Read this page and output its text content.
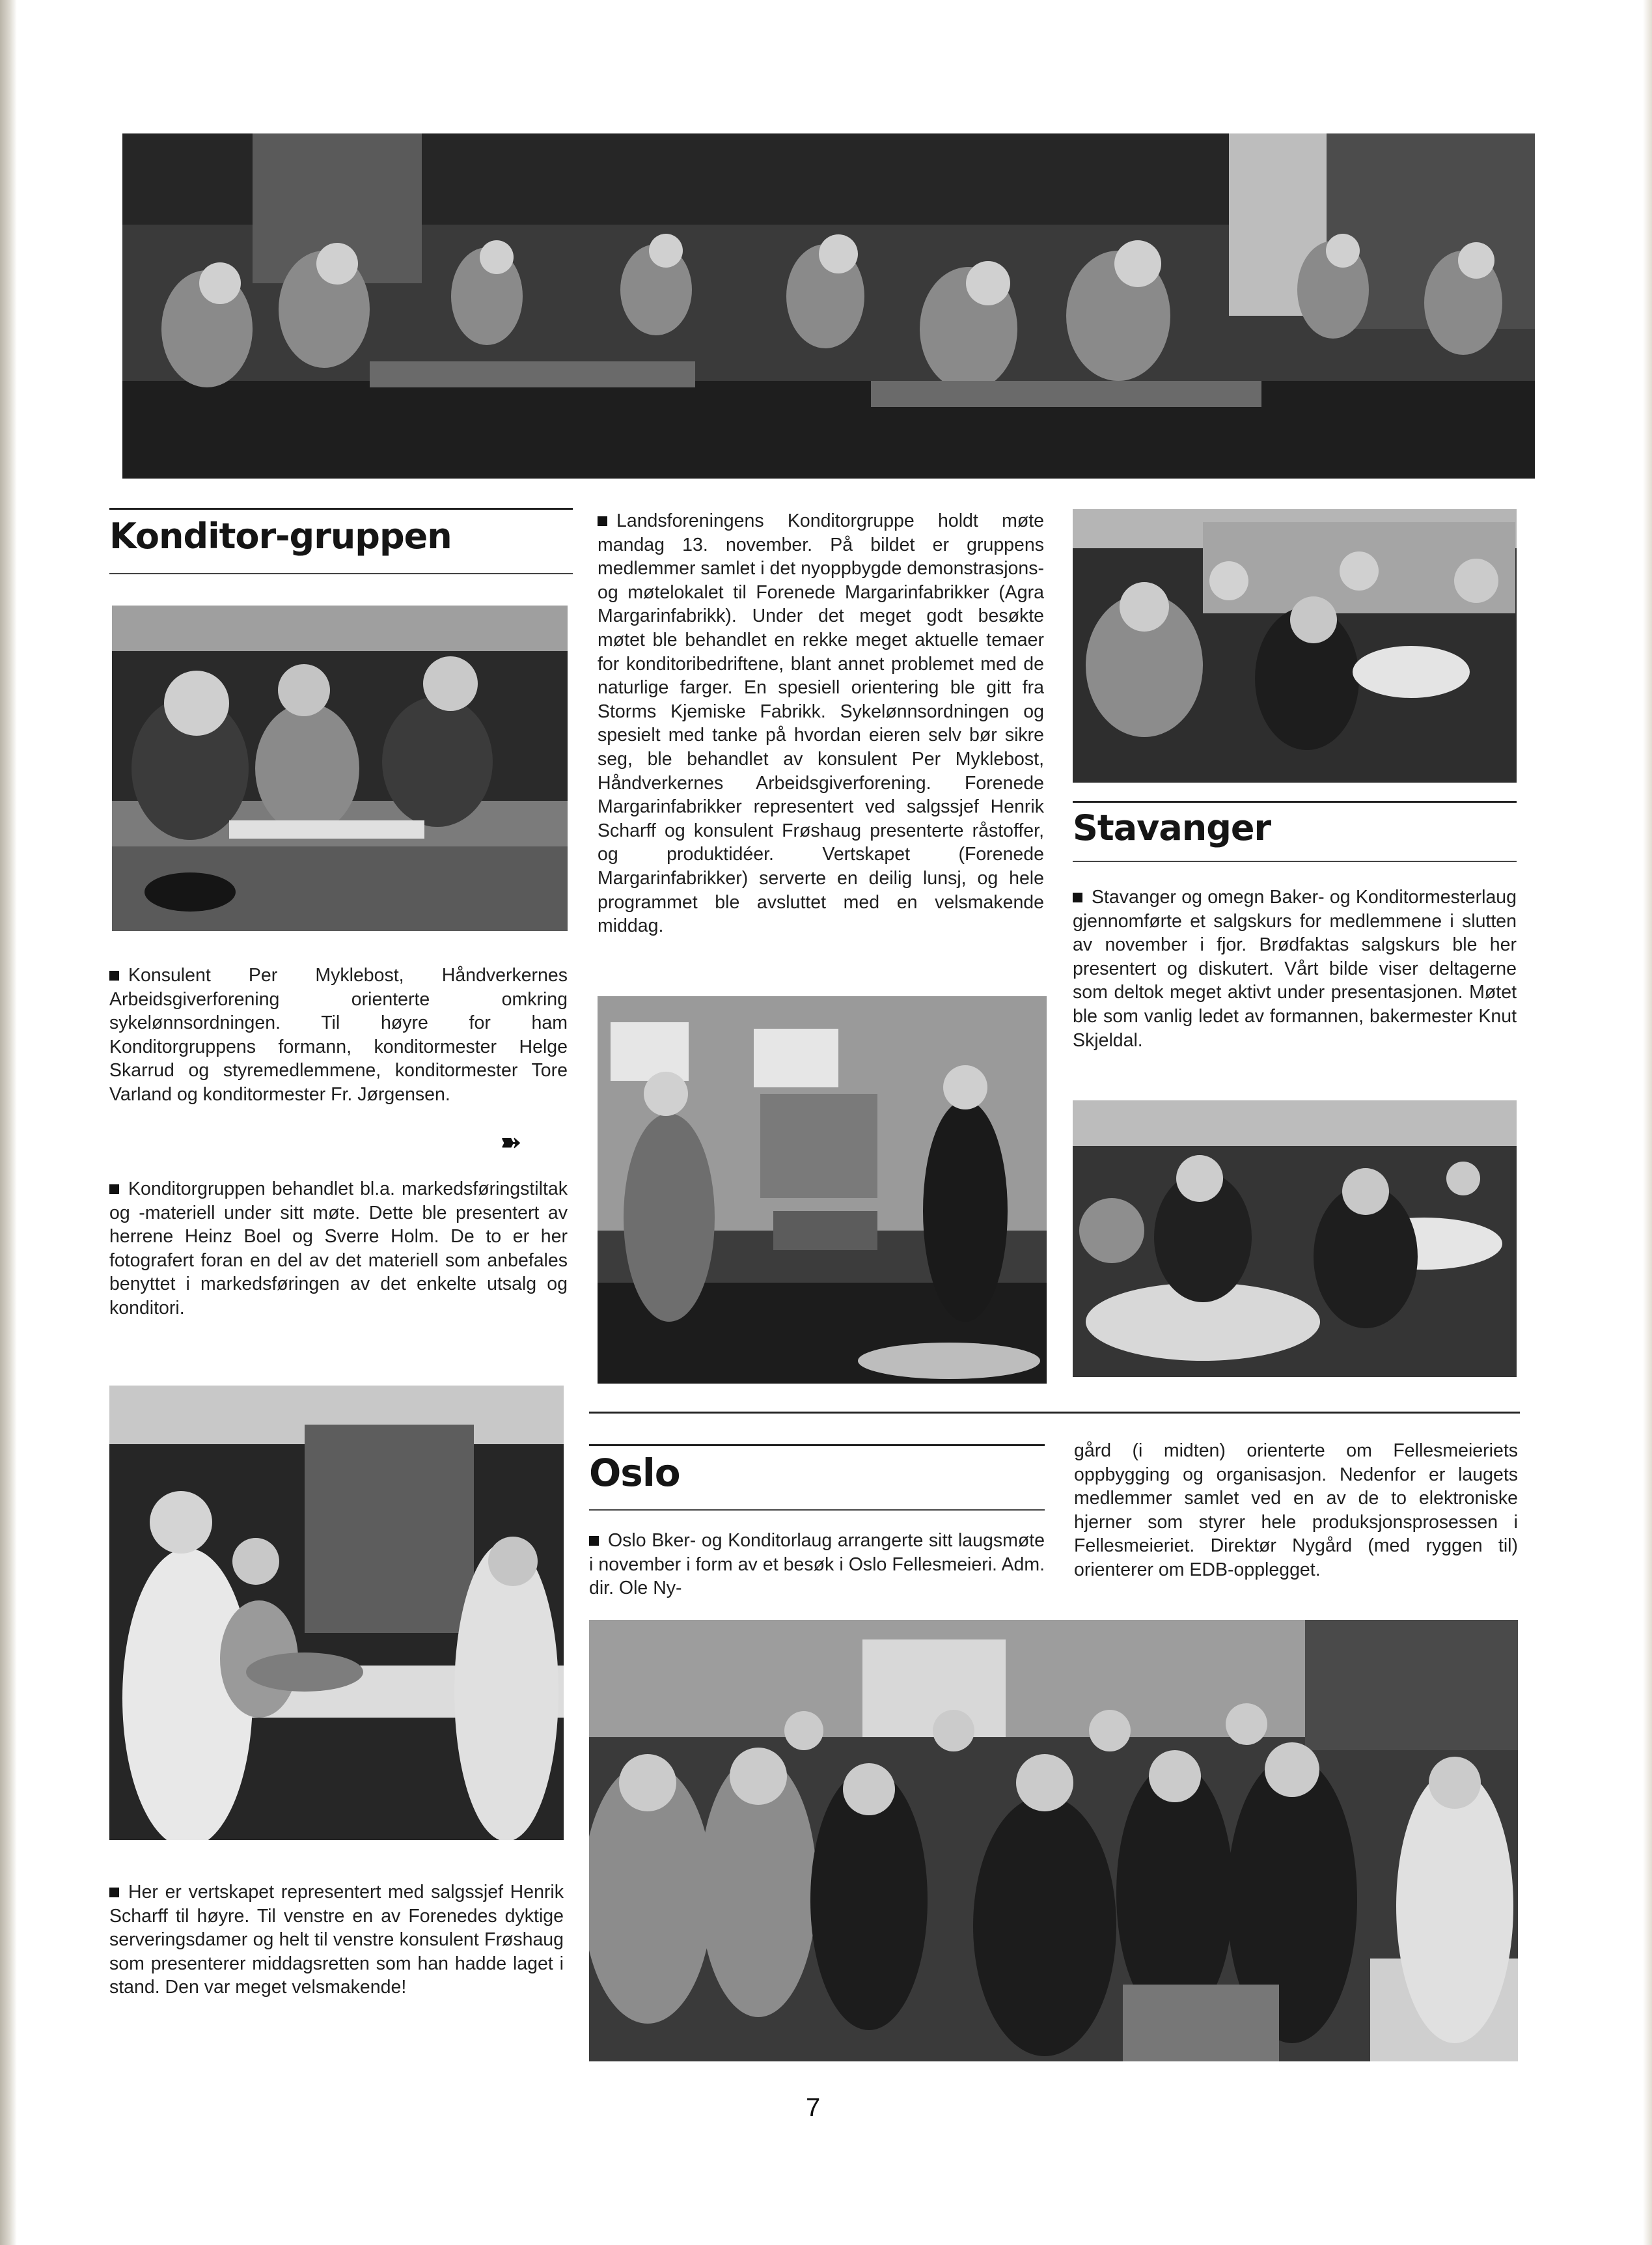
Konditor-gruppen
Konsulent Per Myklebost, Håndverkernes Arbeidsgiverforening orienterte omkring sykelønnsordningen. Til høyre for ham Konditorgruppens formann, konditormester Helge Skarrud og styremedlemmene, konditormester Tore Varland og konditormester Fr. Jørgensen.
➽
Konditorgruppen behandlet bl.a. markedsføringstiltak og -materiell under sitt møte. Dette ble presentert av herrene Heinz Boel og Sverre Holm. De to er her fotografert foran en del av det materiell som anbefales benyttet i markedsføringen av det enkelte utsalg og konditori.
Landsforeningens Konditorgruppe holdt møte mandag 13. november. På bildet er gruppens medlemmer samlet i det nyoppbygde demonstrasjons- og møtelokalet til Forenede Margarinfabrikker (Agra Margarinfabrikk). Under det meget godt besøkte møtet ble behandlet en rekke meget aktuelle temaer for konditoribedriftene, blant annet problemet med de naturlige farger. En spesiell orientering ble gitt fra Storms Kjemiske Fabrikk. Sykelønnsordningen og spesielt med tanke på hvordan eieren selv bør sikre seg, ble behandlet av konsulent Per Myklebost, Håndverkernes Arbeidsgiverforening. Forenede Margarinfabrikker representert ved salgssjef Henrik Scharff og konsulent Frøshaug presenterte råstoffer, og produktidéer. Vertskapet (Forenede Margarinfabrikker) serverte en deilig lunsj, og hele programmet ble avsluttet med en velsmakende middag.
Stavanger
Stavanger og omegn Baker- og Konditormesterlaug gjennomførte et salgskurs for medlemmene i slutten av november i fjor. Brødfaktas salgskurs ble her presentert og diskutert. Vårt bilde viser deltagerne som deltok meget aktivt under presentasjonen. Møtet ble som vanlig ledet av formannen, bakermester Knut Skjeldal.
Her er vertskapet representert med salgssjef Henrik Scharff til høyre. Til venstre en av Forenedes dyktige serveringsdamer og helt til venstre konsulent Frøshaug som presenterer middagsretten som han hadde laget i stand. Den var meget velsmakende!
Oslo
Oslo Bker- og Konditorlaug arrangerte sitt laugsmøte i november i form av et besøk i Oslo Fellesmeieri. Adm. dir. Ole Ny-
gård (i midten) orienterte om Fellesmeieriets oppbygging og organisasjon. Nedenfor er laugets medlemmer samlet ved en av de to elektroniske hjerner som styrer hele produksjonsprosessen i Fellesmeieriet. Direktør Nygård (med ryggen til) orienterer om EDB-opplegget.
7
